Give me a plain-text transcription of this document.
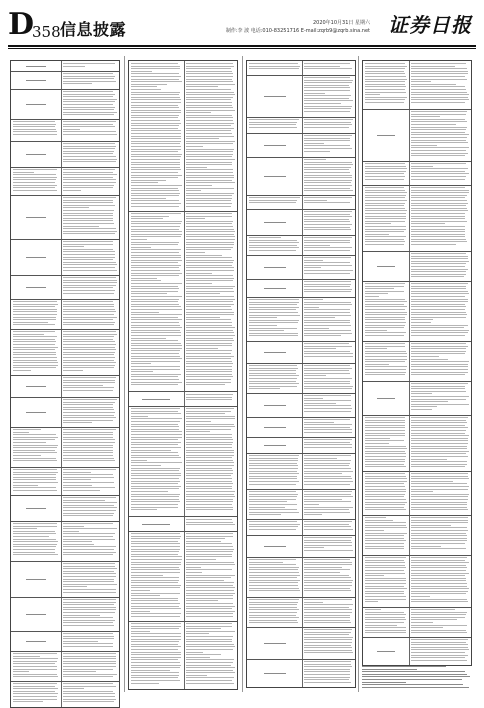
D
358 信息披露	2020年10月31日 星期六
制作:李 波 电话:010-83251716 E-mail:zqrb9@zqrb.sina.net 证券日报
